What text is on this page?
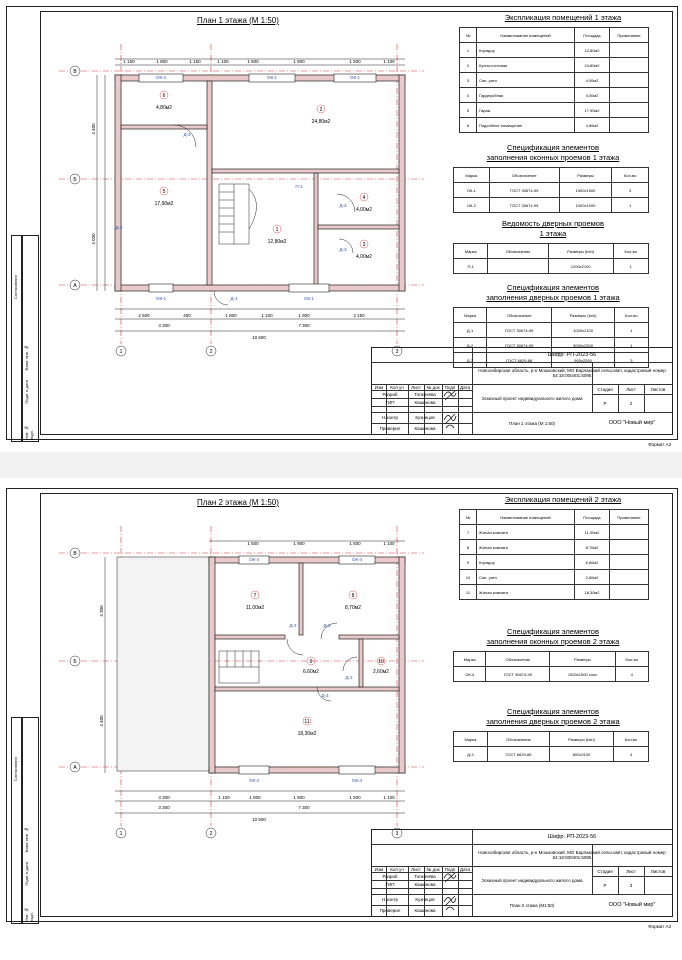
Согласовано
Взам. инв. №
Подп. и дата
Инв. № подл.
План 1 этажа (М 1:50)
2
24,80м2
5
17,90м2
6
4,80м2
1
12,80м2
4
4,00м2
3
4,00м2
ОК-2	ОК-1	ОК-1
ОК-1	ОК-1
Д-3
Д-3
Д-3
Д-1
Д-2
П-1
1 150	1 800	1 150	1 100	1 500	1 900	1 500	1 100
2 500	400	1 800	1 100	1 900	2 150
3 300	7 300
10 600
4 400
4 030
1	2	3
В
Б
А
Экспликация помещений 1 этажа
№	Наименование помещений	Площадь	Примечание
1	Коридор	12,80м2	
2	Кухня-гостиная	24,80м2	
3	Сан. узел	4,00м2	
4	Гардеробная	4,00м2	
5	Гараж	17,90м2	
6	Подсобное помещение	4,80м2	
Спецификация элементов
заполнения оконных проемов 1 этажа
Марка	Обозначение	Размеры	Кол-во
ОК-1	ГОСТ 30674-99	1500х1500	3
ОК-2	ГОСТ 30674-99	1000х1000	1
Ведомость дверных проемов
1 этажа
Марка	Обозначение	Размеры (bхh)	Кол-во
П-1		1200х2100	1
Спецификация элементов
заполнения дверных проемов 1 этажа
Марка	Обозначение	Размеры (bхh)	Кол-во
Д-1	ГОСТ 30674-99	1000х2100	1
Д-2	ГОСТ 30674-99	3000х2300	1
Д-3	ГОСТ 6629-88	900х2250	3
Шифр: РП-2023-56
Новосибирская область, р-н Мошковский, МО Барлакский сельсовет, кадастровый номер 54:18:000401:5095
Эскизный проект индивидуального жилого дома
План 1 этажа (М 1:50)	ООО "Новый мир"
Стадия	Лист	Листов
Р	2
Изм	Кол.уч	Лист	№ док	Подп	Дата
Разраб	Толкачёва
ГИП	Кашинова
Н.контр	Кузнецов
Проверил	Кашинова
Формат А3
Согласовано
Взам. инв. №
Подп. и дата
Инв. № подл.
План 2 этажа (М 1:50)
7
11,00м2
8
8,70м2
9
6,60м2
10
2,60м2
11
18,30м2
ОК-4	ОК-4
ОК-4	ОК-4
Д-3	Д-3
Д-3
Д-3
1 500	1 900	1 500	1 100
3 300	1 100	1 800	1 900	1 500	1 100
3 300	7 300
10 600
4 300
4 400
1	2	3
В
Б
А
Экспликация помещений 2 этажа
№	Наименование помещений	Площадь	Примечание
7	Жилая комната	11,00м2	
8	Жилая комната	8,70м2	
9	Коридор	6,60м2	
10	Сан. узел	2,60м2	
11	Жилая комната	18,30м2	
Спецификация элементов
заполнения оконных проемов 2 этажа
Марка	Обозначение	Размеры	Кол-во
ОК-4	ГОСТ 30674-99	1500х1500 сокс	4
Спецификация элементов
заполнения дверных проемов 2 этажа
Марка	Обозначение	Размеры (bхh)	Кол-во
Д-3	ГОСТ 6629-88	800х2100	4
Шифр: РП-2023-56
Новосибирская область, р-н Мошковский, МО Барлакский сельсовет, кадастровый номер 54:18:000401:5095
Эскизный проект индивидуального жилого дома
План 2 этажа (М1:50)	ООО "Новый мир"
Стадия	Лист	Листов
Р	3
Изм	Кол.уч	Лист	№ док	Подп	Дата
Разраб	Толкачёва
ГИП	Кашинова
Н.контр	Кузнецов
Проверил	Кашинова
Формат А3
